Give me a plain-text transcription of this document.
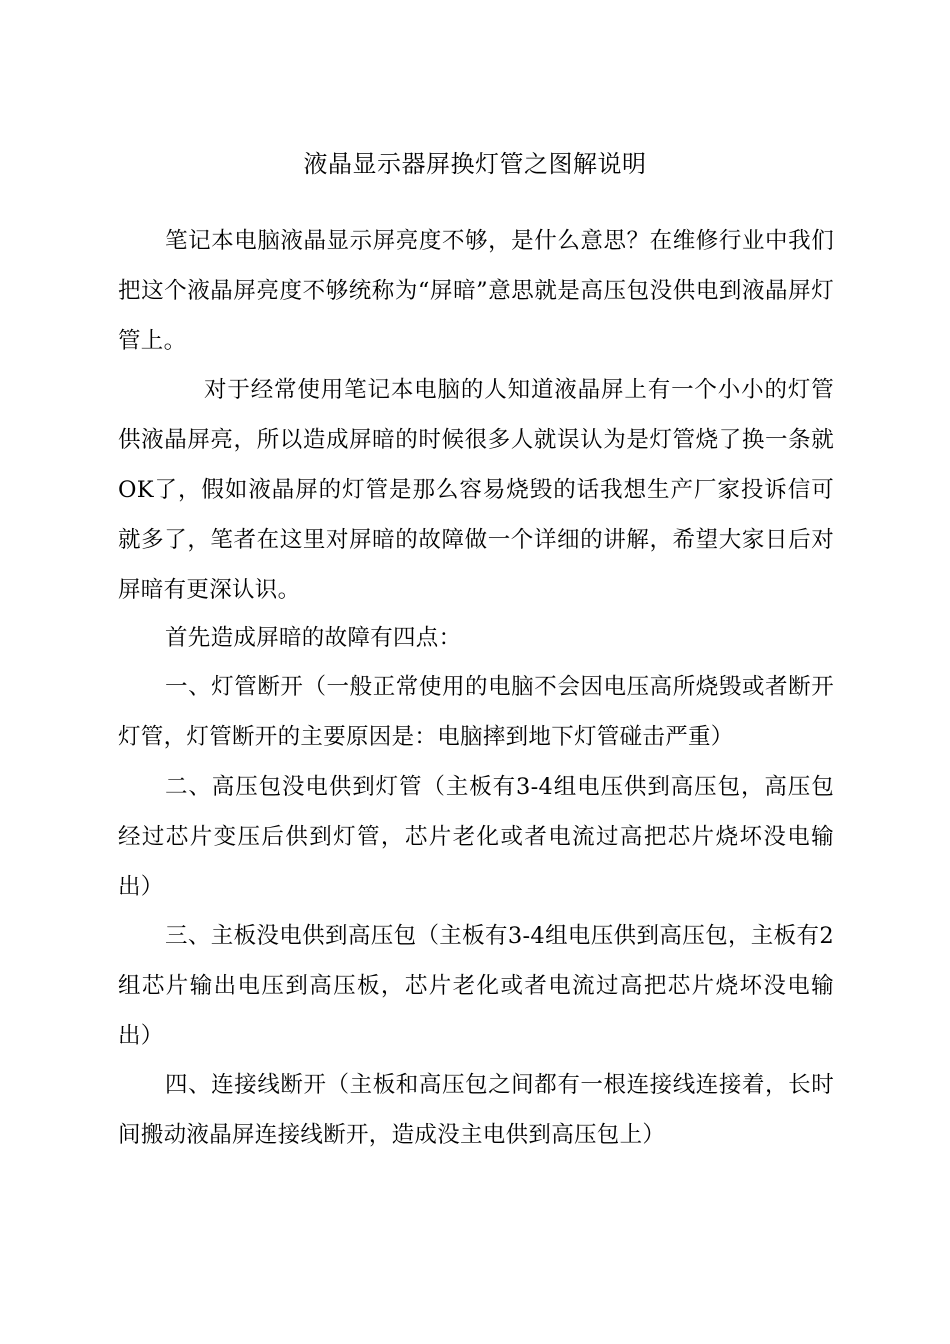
液晶显示器屏换灯管之图解说明

笔记本电脑液晶显示屏亮度不够，是什么意思？在维修行业中我们把这个液晶屏亮度不够统称为“屏暗”意思就是高压包没供电到液晶屏灯管上。

对于经常使用笔记本电脑的人知道液晶屏上有一个小小的灯管供液晶屏亮，所以造成屏暗的时候很多人就误认为是灯管烧了换一条就OK了，假如液晶屏的灯管是那么容易烧毁的话我想生产厂家投诉信可就多了，笔者在这里对屏暗的故障做一个详细的讲解，希望大家日后对屏暗有更深认识。

首先造成屏暗的故障有四点：

一、灯管断开（一般正常使用的电脑不会因电压高所烧毁或者断开灯管，灯管断开的主要原因是：电脑摔到地下灯管碰击严重）

二、高压包没电供到灯管（主板有3-4组电压供到高压包，高压包经过芯片变压后供到灯管，芯片老化或者电流过高把芯片烧坏没电输出）

三、主板没电供到高压包（主板有3-4组电压供到高压包，主板有2组芯片输出电压到高压板，芯片老化或者电流过高把芯片烧坏没电输出）

四、连接线断开（主板和高压包之间都有一根连接线连接着，长时间搬动液晶屏连接线断开，造成没主电供到高压包上）
